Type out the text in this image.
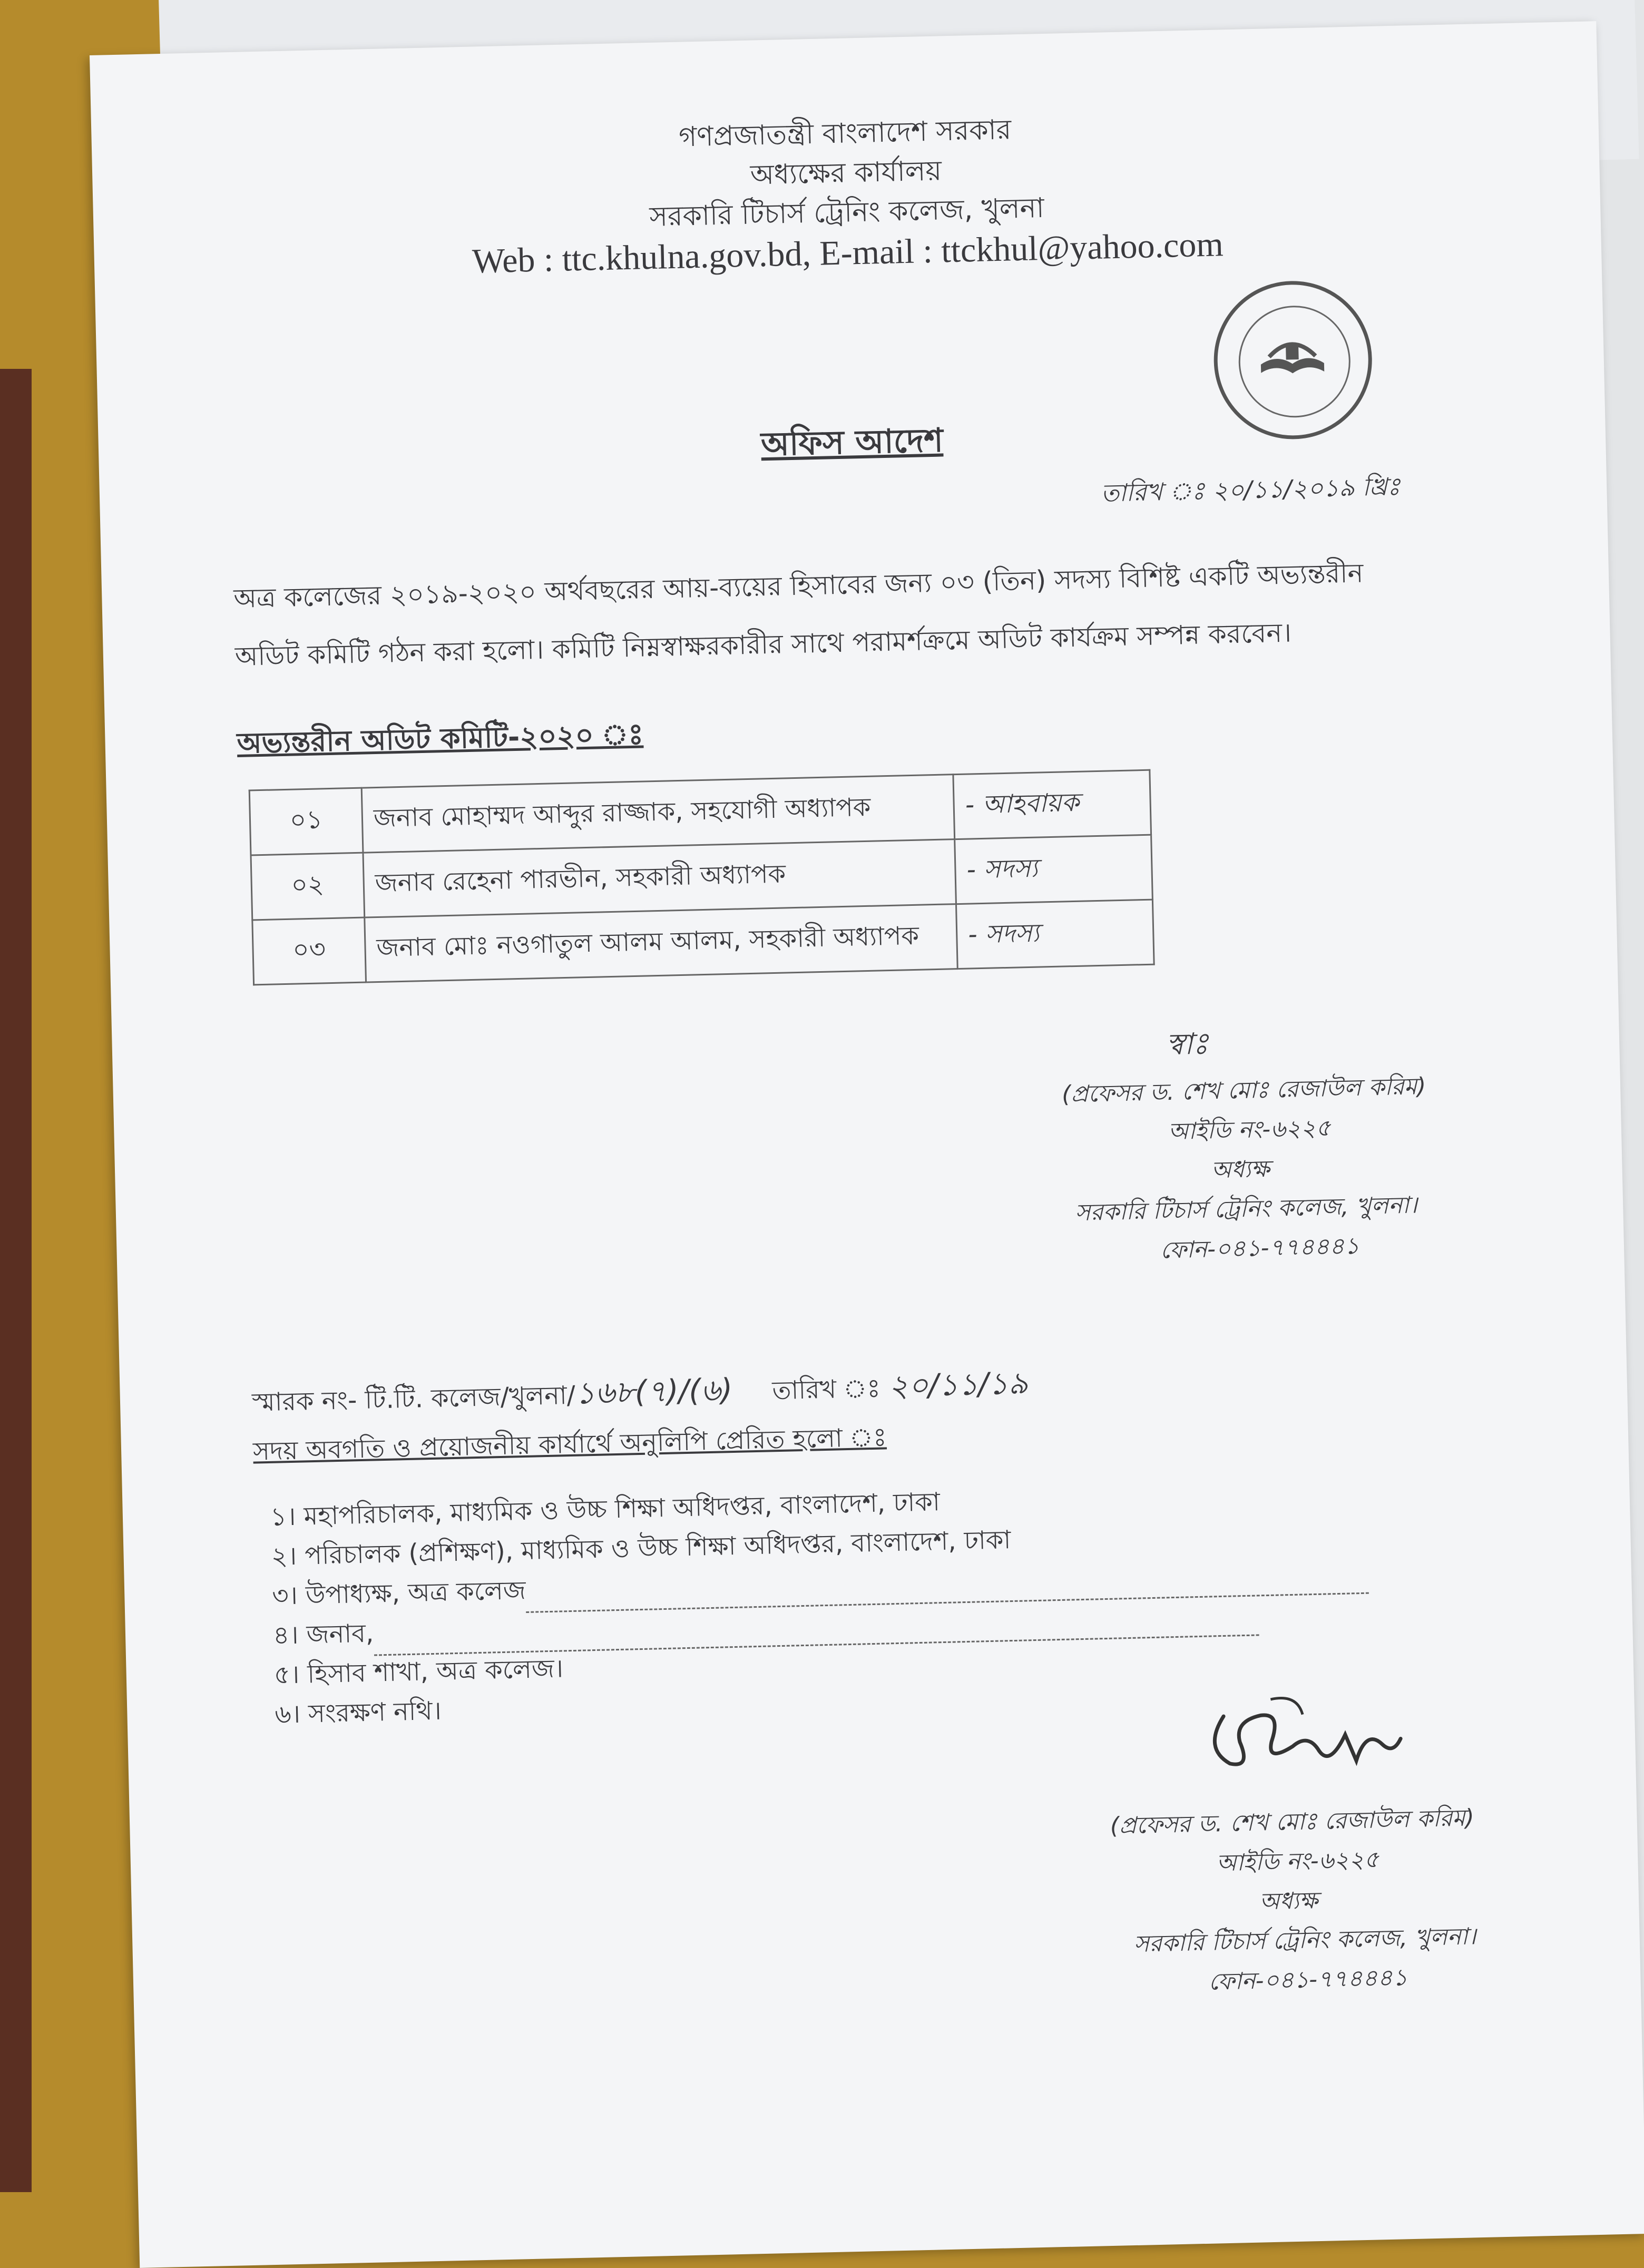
গণপ্রজাতন্ত্রী বাংলাদেশ সরকার
অধ্যক্ষের কার্যালয়
সরকারি টিচার্স ট্রেনিং কলেজ, খুলনা
Web : ttc.khulna.gov.bd, E-mail : ttckhul@yahoo.com
অফিস আদেশ
তারিখ ঃ ২০/১১/২০১৯ খ্রিঃ
অত্র কলেজের ২০১৯-২০২০ অর্থবছরের আয়-ব্যয়ের হিসাবের জন্য ০৩ (তিন) সদস্য বিশিষ্ট একটি অভ্যন্তরীন
অডিট কমিটি গঠন করা হলো। কমিটি নিম্নস্বাক্ষরকারীর সাথে পরামর্শক্রমে অডিট কার্যক্রম সম্পন্ন করবেন।
অভ্যন্তরীন অডিট কমিটি-২০২০ ঃ
০১	জনাব মোহাম্মদ আব্দুর রাজ্জাক, সহযোগী অধ্যাপক	- আহবায়ক
০২	জনাব রেহেনা পারভীন, সহকারী অধ্যাপক	- সদস্য
০৩	জনাব মোঃ নওগাতুল আলম আলম, সহকারী অধ্যাপক	- সদস্য
স্বাঃ
(প্রফেসর ড. শেখ মোঃ রেজাউল করিম)
আইডি নং-৬২২৫
অধ্যক্ষ
সরকারি টিচার্স ট্রেনিং কলেজ, খুলনা।
ফোন-০৪১-৭৭৪৪৪১
স্মারক নং- টি.টি. কলেজ/খুলনা/১৬৮(৭)/(৬) তারিখ ঃ ২০/১১/১৯
সদয় অবগতি ও প্রয়োজনীয় কার্যার্থে অনুলিপি প্রেরিত হলো ঃ
১। মহাপরিচালক, মাধ্যমিক ও উচ্চ শিক্ষা অধিদপ্তর, বাংলাদেশ, ঢাকা
২। পরিচালক (প্রশিক্ষণ), মাধ্যমিক ও উচ্চ শিক্ষা অধিদপ্তর, বাংলাদেশ, ঢাকা
৩। উপাধ্যক্ষ, অত্র কলেজ
৪। জনাব,
৫। হিসাব শাখা, অত্র কলেজ।
৬। সংরক্ষণ নথি।
(প্রফেসর ড. শেখ মোঃ রেজাউল করিম)
আইডি নং-৬২২৫
অধ্যক্ষ
সরকারি টিচার্স ট্রেনিং কলেজ, খুলনা।
ফোন-০৪১-৭৭৪৪৪১
